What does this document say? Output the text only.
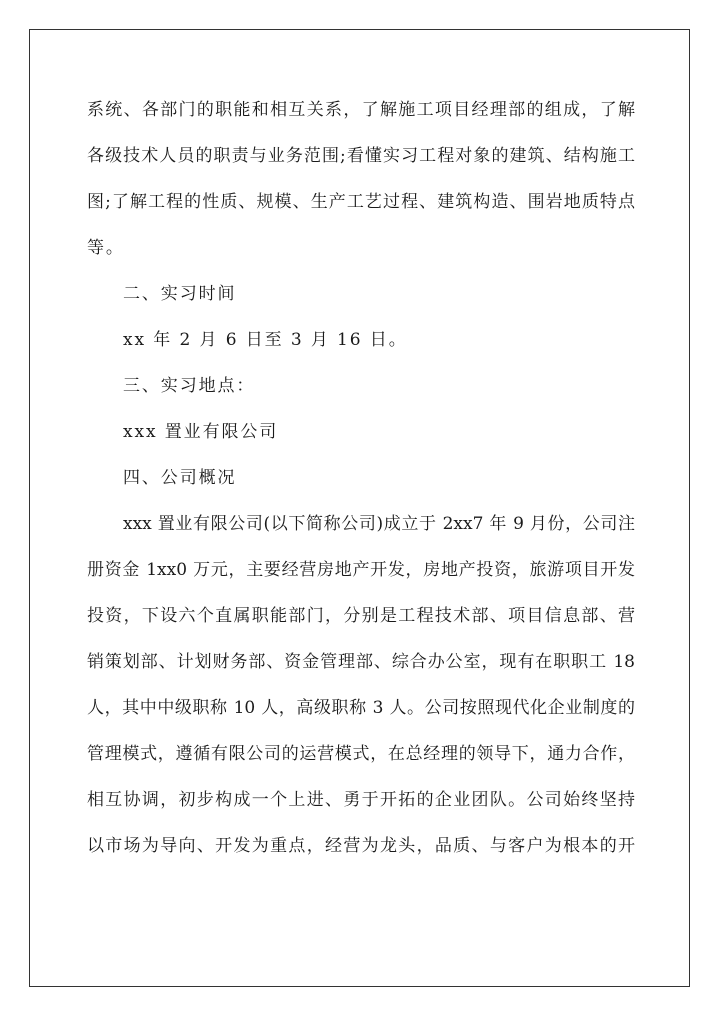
系统、各部门的职能和相互关系，了解施工项目经理部的组成，了解
各级技术人员的职责与业务范围;看懂实习工程对象的建筑、结构施工
图;了解工程的性质、规模、生产工艺过程、建筑构造、围岩地质特点
等。
二、实习时间
xx 年 2 月 6 日至 3 月 16 日。
三、实习地点：
xxx 置业有限公司
四、公司概况
xxx 置业有限公司(以下简称公司)成立于 2xx7 年 9 月份，公司注
册资金 1xx0 万元，主要经营房地产开发，房地产投资，旅游项目开发
投资，下设六个直属职能部门，分别是工程技术部、项目信息部、营
销策划部、计划财务部、资金管理部、综合办公室，现有在职职工 18
人，其中中级职称 10 人，高级职称 3 人。公司按照现代化企业制度的
管理模式，遵循有限公司的运营模式，在总经理的领导下，通力合作，
相互协调，初步构成一个上进、勇于开拓的企业团队。公司始终坚持
以市场为导向、开发为重点，经营为龙头，品质、与客户为根本的开
